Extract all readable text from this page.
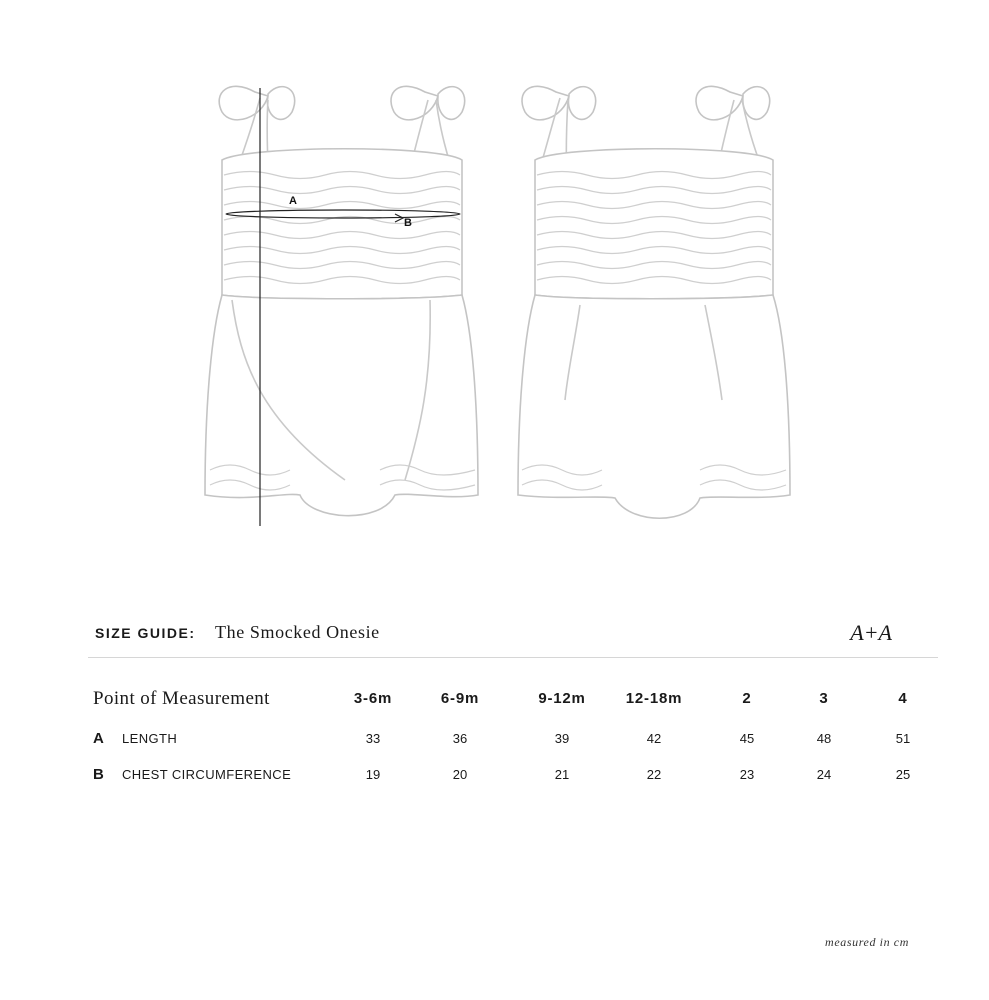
A
B
SIZE GUIDE: The Smocked Onesie	A+A
Point of Measurement	3-6m	6-9m	9-12m	12-18m	2	3	4
A LENGTH	33	36	39	42	45	48	51
B CHEST CIRCUMFERENCE	19	20	21	22	23	24	25
measured in cm
